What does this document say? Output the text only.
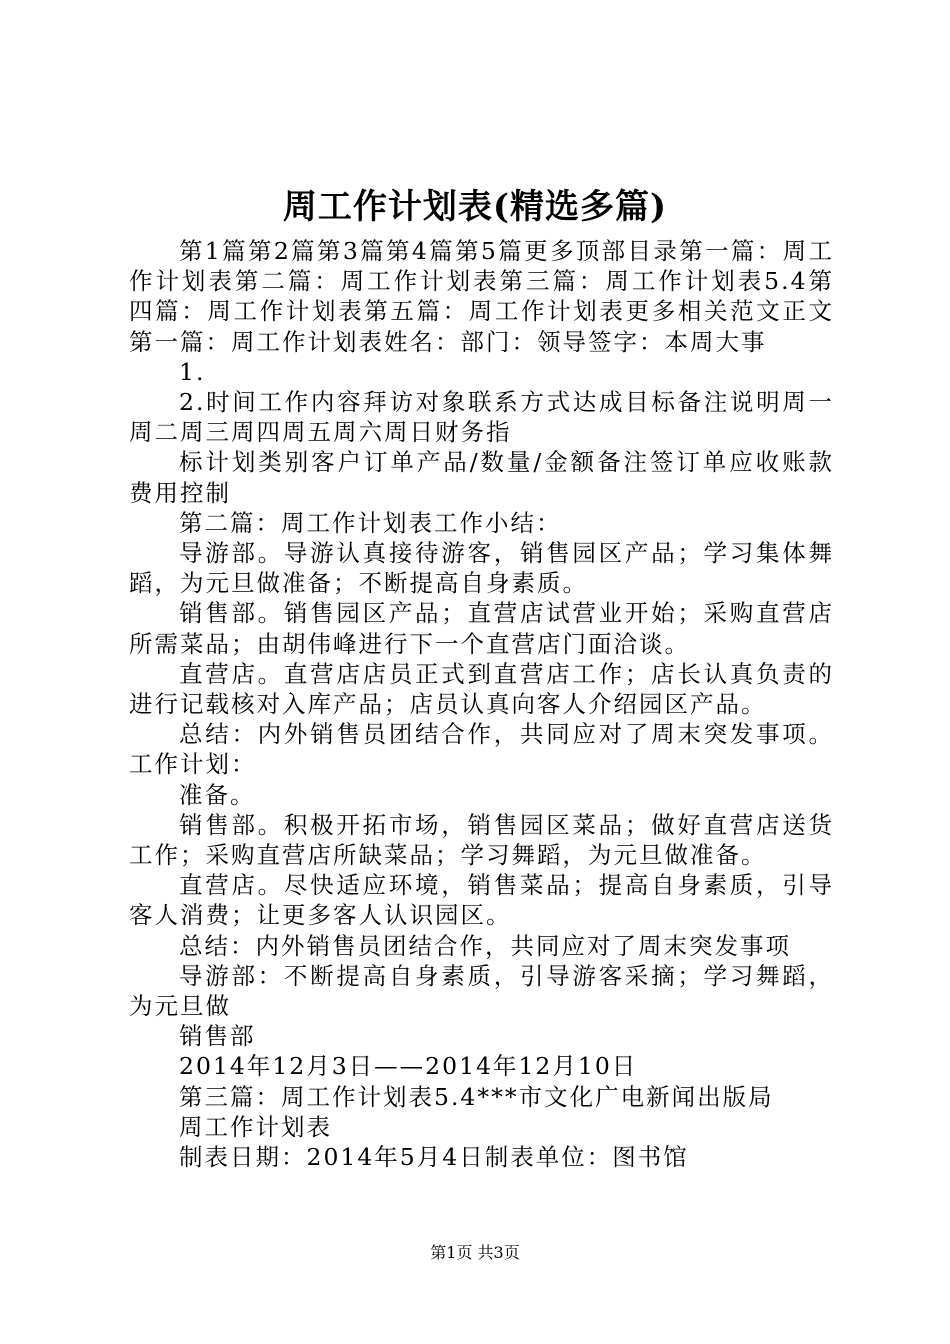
周工作计划表(精选多篇)

第1篇第2篇第3篇第4篇第5篇更多顶部目录第一篇：周工作计划表第二篇：周工作计划表第三篇：周工作计划表5.4第四篇：周工作计划表第五篇：周工作计划表更多相关范文正文第一篇：周工作计划表姓名：部门：领导签字：本周大事

1.

2.时间工作内容拜访对象联系方式达成目标备注说明周一周二周三周四周五周六周日财务指

标计划类别客户订单产品/数量/金额备注签订单应收账款费用控制

第二篇：周工作计划表工作小结：

导游部。导游认真接待游客，销售园区产品；学习集体舞蹈，为元旦做准备；不断提高自身素质。

销售部。销售园区产品；直营店试营业开始；采购直营店所需菜品；由胡伟峰进行下一个直营店门面洽谈。

直营店。直营店店员正式到直营店工作；店长认真负责的进行记载核对入库产品；店员认真向客人介绍园区产品。

总结：内外销售员团结合作，共同应对了周末突发事项。工作计划：

准备。

销售部。积极开拓市场，销售园区菜品；做好直营店送货工作；采购直营店所缺菜品；学习舞蹈，为元旦做准备。

直营店。尽快适应环境，销售菜品；提高自身素质，引导客人消费；让更多客人认识园区。

总结：内外销售员团结合作，共同应对了周末突发事项

导游部：不断提高自身素质，引导游客采摘；学习舞蹈，为元旦做

销售部

2014年12月3日——2014年12月10日

第三篇：周工作计划表5.4***市文化广电新闻出版局

周工作计划表

制表日期：2014年5月4日制表单位：图书馆

第1页 共3页
